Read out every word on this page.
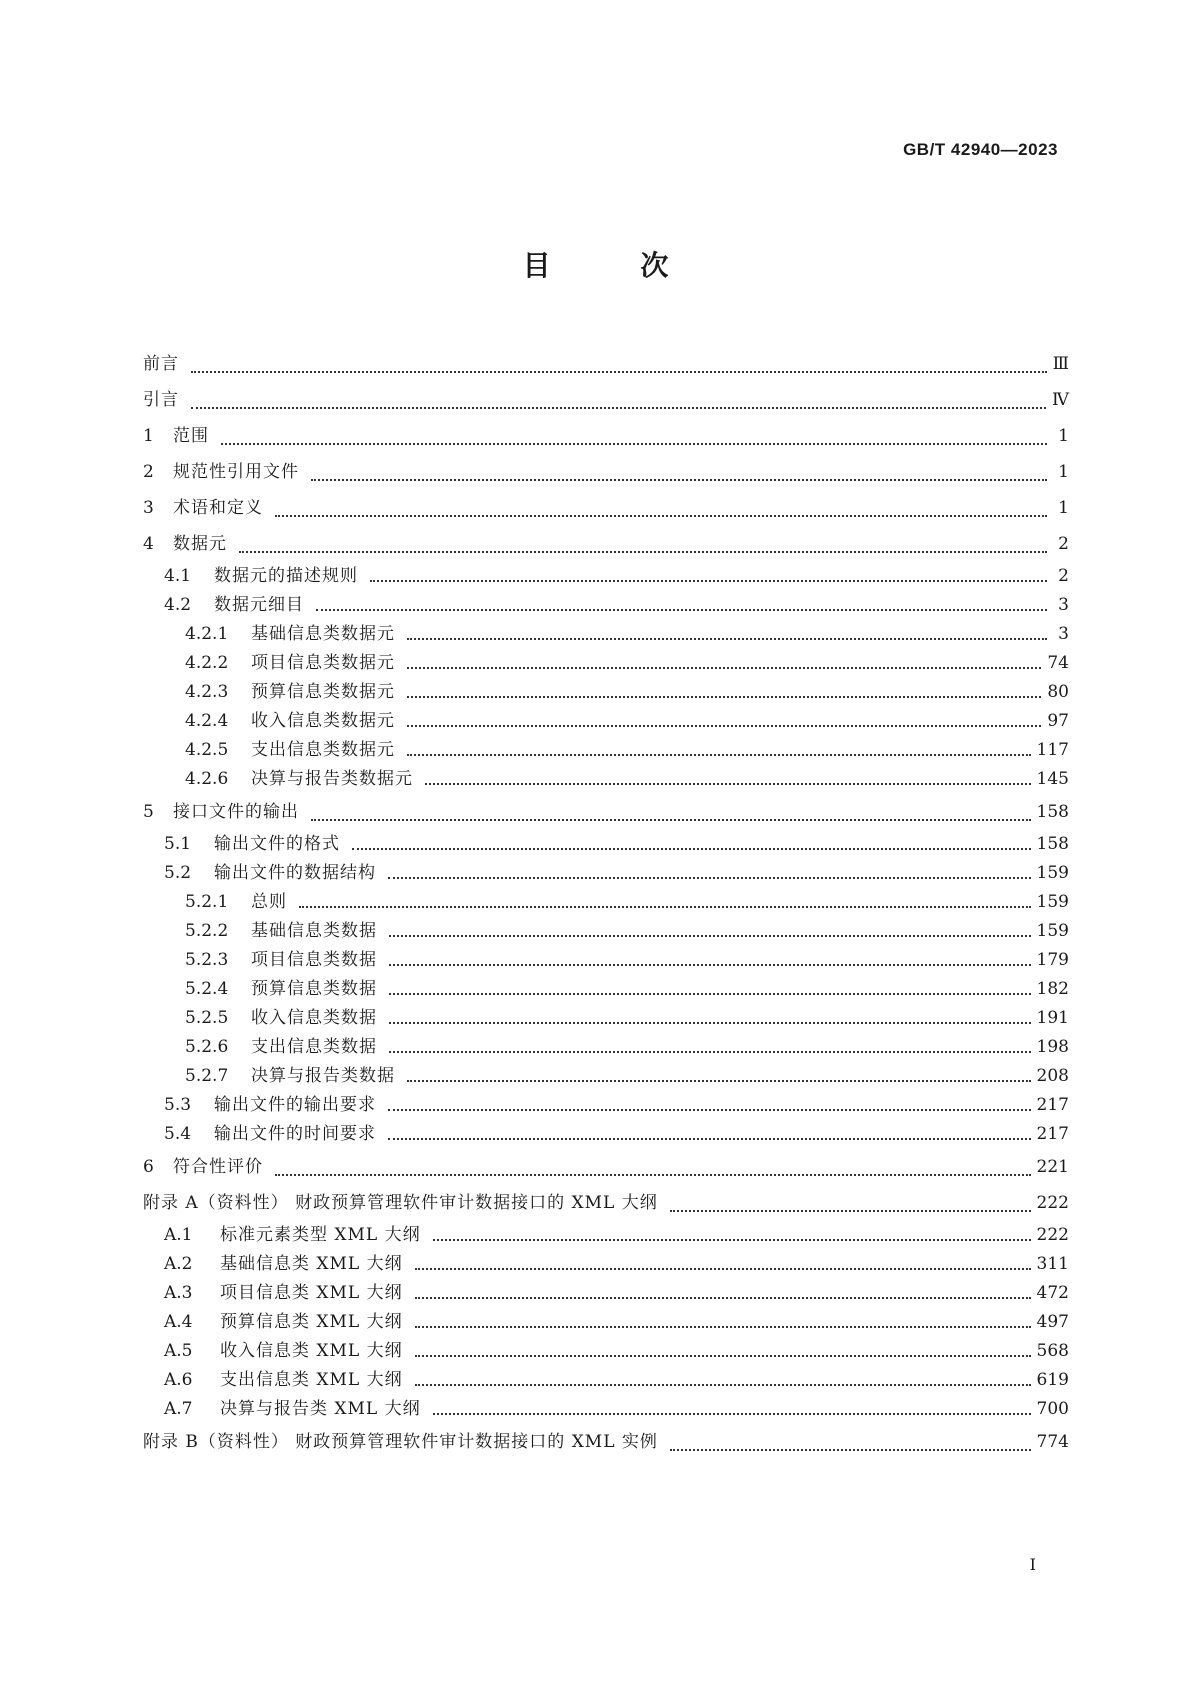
GB/T 42940—2023
目 次
前言	Ⅲ
引言	Ⅳ
1	范围	1
2	规范性引用文件	1
3	术语和定义	1
4	数据元	2
4.1	数据元的描述规则	2
4.2	数据元细目	3
4.2.1	基础信息类数据元	3
4.2.2	项目信息类数据元	74
4.2.3	预算信息类数据元	80
4.2.4	收入信息类数据元	97
4.2.5	支出信息类数据元	117
4.2.6	决算与报告类数据元	145
5	接口文件的输出	158
5.1	输出文件的格式	158
5.2	输出文件的数据结构	159
5.2.1	总则	159
5.2.2	基础信息类数据	159
5.2.3	项目信息类数据	179
5.2.4	预算信息类数据	182
5.2.5	收入信息类数据	191
5.2.6	支出信息类数据	198
5.2.7	决算与报告类数据	208
5.3	输出文件的输出要求	217
5.4	输出文件的时间要求	217
6	符合性评价	221
附录 A（资料性） 财政预算管理软件审计数据接口的 XML 大纲	222
A.1	标准元素类型 XML 大纲	222
A.2	基础信息类 XML 大纲	311
A.3	项目信息类 XML 大纲	472
A.4	预算信息类 XML 大纲	497
A.5	收入信息类 XML 大纲	568
A.6	支出信息类 XML 大纲	619
A.7	决算与报告类 XML 大纲	700
附录 B（资料性） 财政预算管理软件审计数据接口的 XML 实例	774
I
